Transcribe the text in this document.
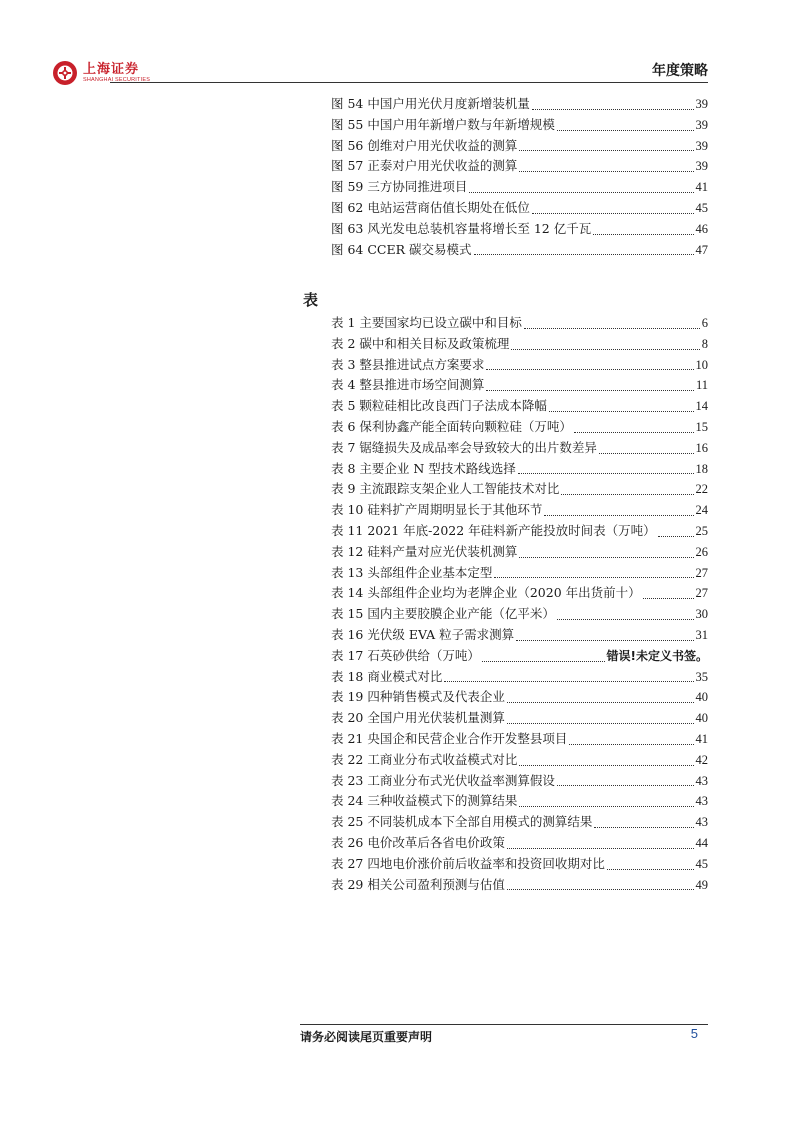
上海证券
SHANGHAI SECURITIES
年度策略
图 54 中国户用光伏月度新增装机量	39
图 55 中国户用年新增户数与年新增规模	39
图 56 创维对户用光伏收益的测算	39
图 57 正泰对户用光伏收益的测算	39
图 59 三方协同推进项目	41
图 62 电站运营商估值长期处在低位	45
图 63 风光发电总装机容量将增长至 12 亿千瓦	46
图 64 CCER 碳交易模式	47
表
表 1 主要国家均已设立碳中和目标	6
表 2 碳中和相关目标及政策梳理	8
表 3 整县推进试点方案要求	10
表 4 整县推进市场空间测算	11
表 5 颗粒硅相比改良西门子法成本降幅	14
表 6 保利协鑫产能全面转向颗粒硅（万吨）	15
表 7 锯缝损失及成品率会导致较大的出片数差异	16
表 8 主要企业 N 型技术路线选择	18
表 9 主流跟踪支架企业人工智能技术对比	22
表 10 硅料扩产周期明显长于其他环节	24
表 11 2021 年底-2022 年硅料新产能投放时间表（万吨）	25
表 12 硅料产量对应光伏装机测算	26
表 13 头部组件企业基本定型	27
表 14 头部组件企业均为老牌企业（2020 年出货前十）	27
表 15 国内主要胶膜企业产能（亿平米）	30
表 16 光伏级 EVA 粒子需求测算	31
表 17 石英砂供给（万吨）	错误!未定义书签。
表 18 商业模式对比	35
表 19 四种销售模式及代表企业	40
表 20 全国户用光伏装机量测算	40
表 21 央国企和民营企业合作开发整县项目	41
表 22 工商业分布式收益模式对比	42
表 23 工商业分布式光伏收益率测算假设	43
表 24 三种收益模式下的测算结果	43
表 25 不同装机成本下全部自用模式的测算结果	43
表 26 电价改革后各省电价政策	44
表 27 四地电价涨价前后收益率和投资回收期对比	45
表 29 相关公司盈利预测与估值	49
请务必阅读尾页重要声明	5
